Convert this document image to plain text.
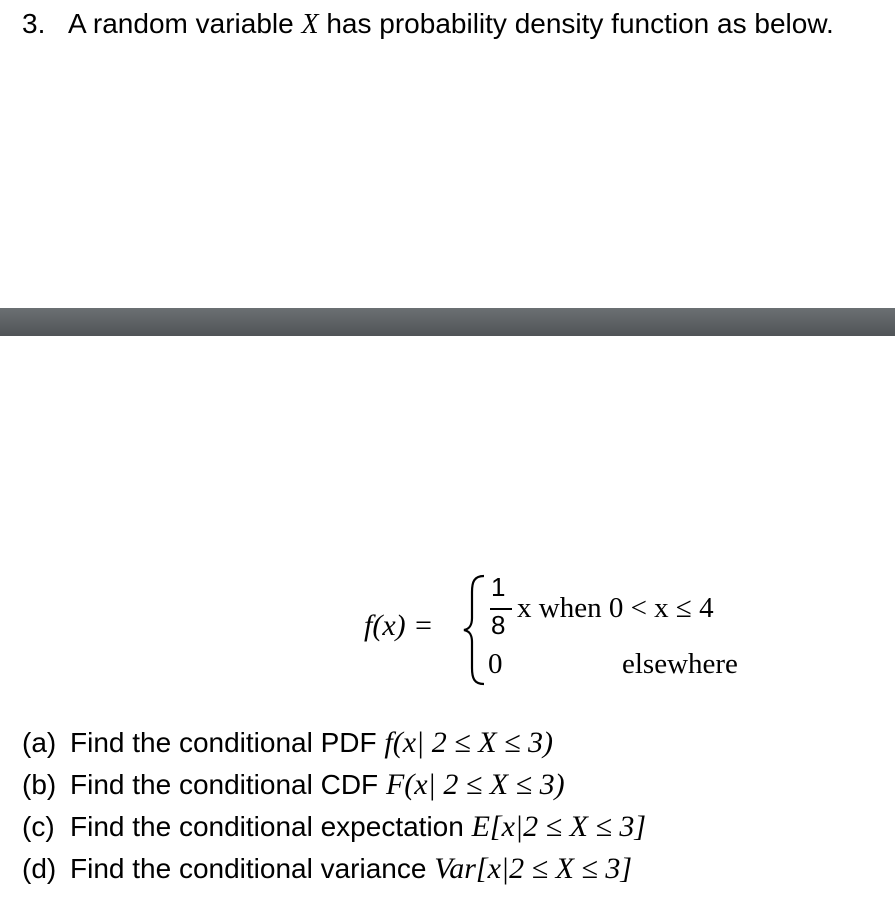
3. A random variable X has probability density function as below.
f(x) =
1
8
x when 0 < x ≤ 4
0	elsewhere
(a) Find the conditional PDF f(x| 2 ≤ X ≤ 3)
(b) Find the conditional CDF F(x| 2 ≤ X ≤ 3)
(c) Find the conditional expectation E[x|2 ≤ X ≤ 3]
(d) Find the conditional variance Var[x|2 ≤ X ≤ 3]
